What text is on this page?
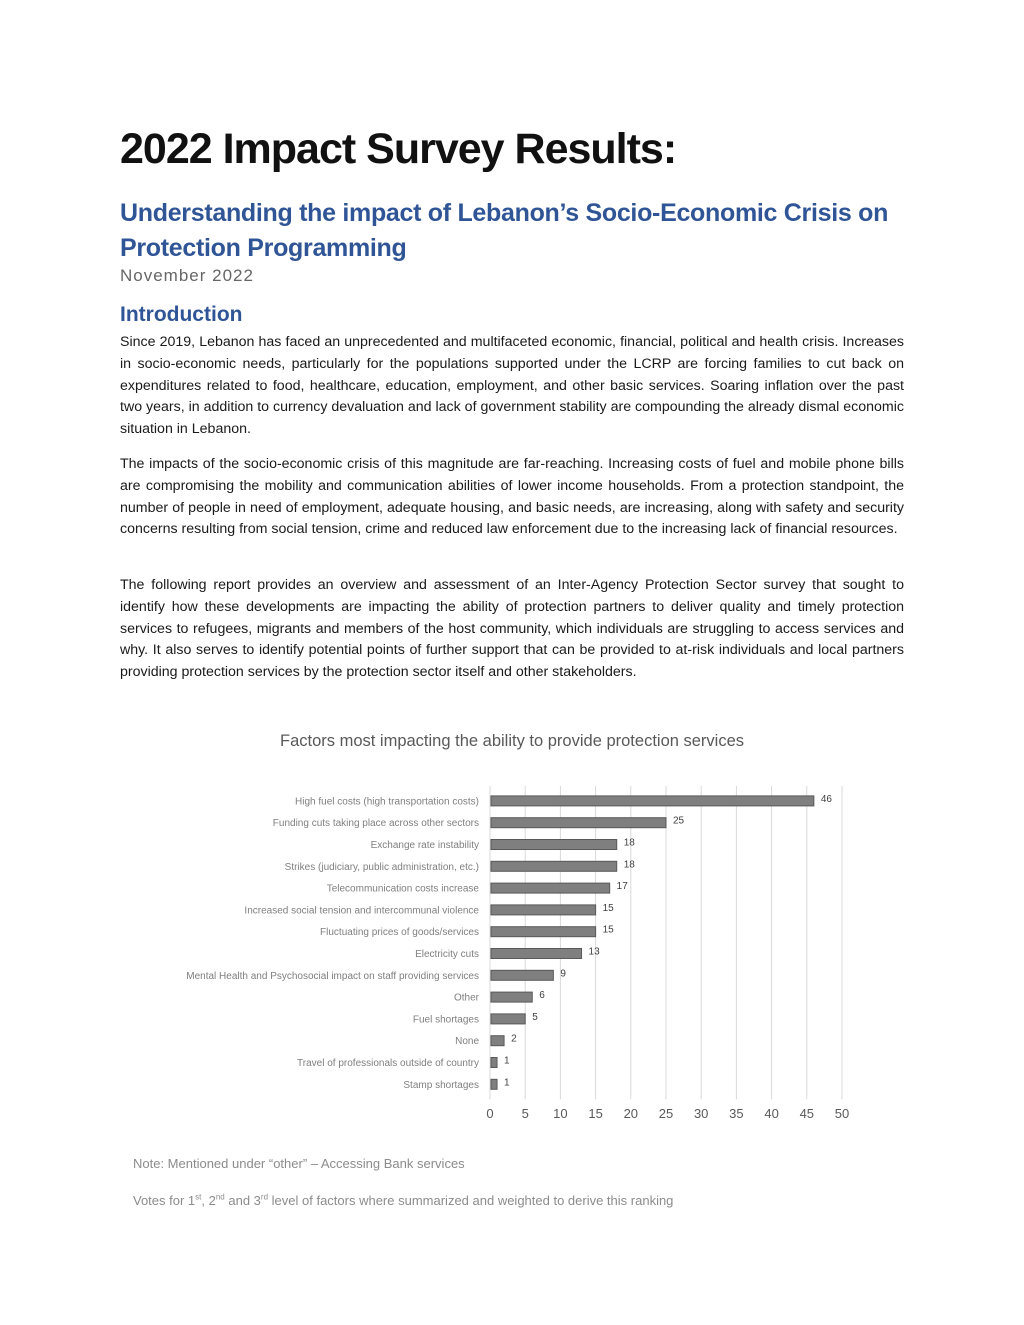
2022 Impact Survey Results:
Understanding the impact of Lebanon’s Socio-Economic Crisis on Protection Programming
November 2022
Introduction

Since 2019, Lebanon has faced an unprecedented and multifaceted economic, financial, political and health crisis. Increases in socio-economic needs, particularly for the populations supported under the LCRP are forcing families to cut back on expenditures related to food, healthcare, education, employment, and other basic services. Soaring inflation over the past two years, in addition to currency devaluation and lack of government stability are compounding the already dismal economic situation in Lebanon.

The impacts of the socio-economic crisis of this magnitude are far-reaching. Increasing costs of fuel and mobile phone bills are compromising the mobility and communication abilities of lower income households. From a protection standpoint, the number of people in need of employment, adequate housing, and basic needs, are increasing, along with safety and security concerns resulting from social tension, crime and reduced law enforcement due to the increasing lack of financial resources.

The following report provides an overview and assessment of an Inter-Agency Protection Sector survey that sought to identify how these developments are impacting the ability of protection partners to deliver quality and timely protection services to refugees, migrants and members of the host community, which individuals are struggling to access services and why. It also serves to identify potential points of further support that can be provided to at-risk individuals and local partners providing protection services by the protection sector itself and other stakeholders.

Factors most impacting the ability to provide protection services
0 5 10 15 20 25 30 35 40 45 50
High fuel costs (high transportation costs)	46
Funding cuts taking place across other sectors	25
Exchange rate instability	18
Strikes (judiciary, public administration, etc.)	18
Telecommunication costs increase	17
Increased social tension and intercommunal violence	15
Fluctuating prices of goods/services	15
Electricity cuts	13
Mental Health and Psychosocial impact on staff providing services	9
Other	6
Fuel shortages	5
None	2
Travel of professionals outside of country	1
Stamp shortages	1
Note: Mentioned under “other” – Accessing Bank services
Votes for 1st, 2nd and 3rd level of factors where summarized and weighted to derive this ranking
